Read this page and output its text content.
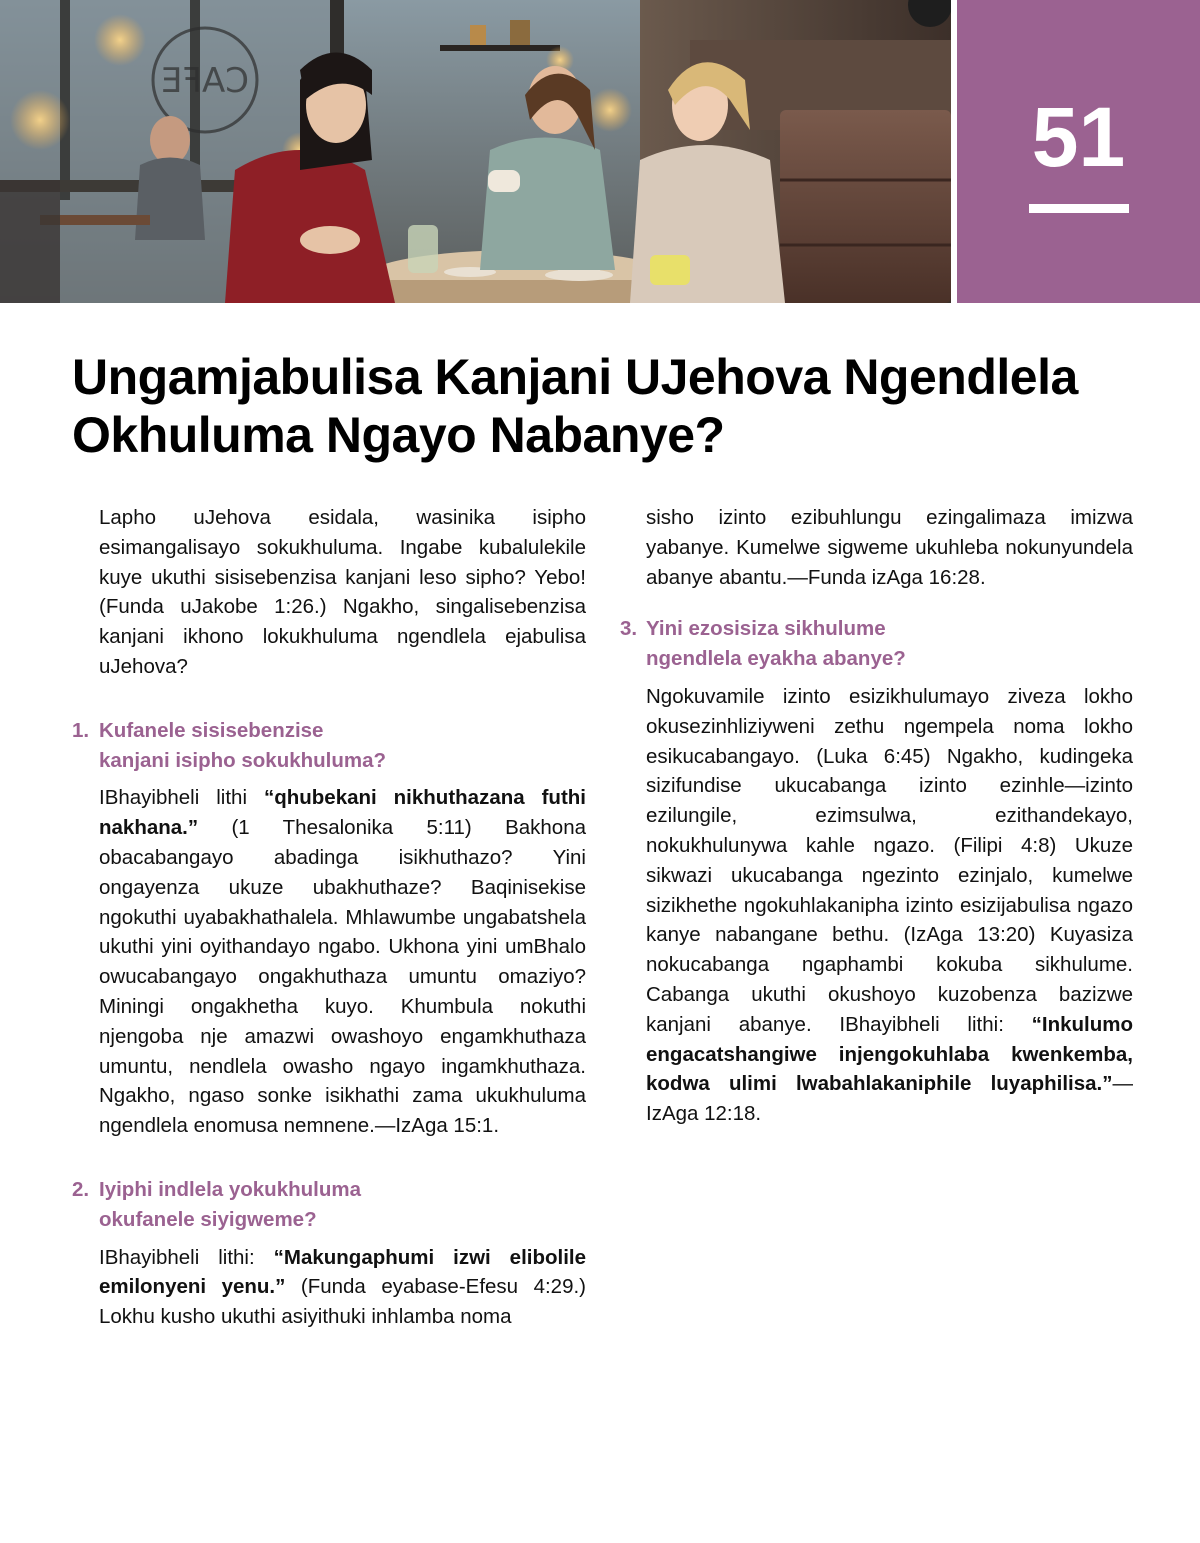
CAFE
51
Ungamjabulisa Kanjani UJehova Ngendlela Okhuluma Ngayo Nabanye?

Lapho uJehova esidala, wasinika isipho esimangalisayo sokukhuluma. Ingabe kubalulekile kuye ukuthi sisisebenzisa kanjani leso sipho? Yebo! (Funda uJakobe 1:26.) Ngakho, singalisebenzisa kanjani ikhono lokukhuluma ngendlela ejabulisa uJehova?

1. Kufanele sisisebenzise kanjani isipho sokukhuluma?

IBhayibheli lithi “qhubekani nikhuthazana futhi nakhana.” (1 Thesalonika 5:11) Bakhona obacabangayo abadinga isikhuthazo? Yini ongayenza ukuze ubakhuthaze? Baqinisekise ngokuthi uyabakhathalela. Mhlawumbe ungabatshela ukuthi yini oyithandayo ngabo. Ukhona yini umBhalo owucabangayo ongakhuthaza umuntu omaziyo? Miningi ongakhetha kuyo. Khumbula nokuthi njengoba nje amazwi owashoyo engamkhuthaza umuntu, nendlela owasho ngayo ingamkhuthaza. Ngakho, ngaso sonke isikhathi zama ukukhuluma ngendlela enomusa nemnene.—IzAga 15:1.

2. Iyiphi indlela yokukhuluma okufanele siyigweme?

IBhayibheli lithi: “Makungaphumi izwi elibolile emilonyeni yenu.” (Funda eyabase-Efesu 4:29.) Lokhu kusho ukuthi asiyithuki inhlamba noma

sisho izinto ezibuhlungu ezingalimaza imizwa yabanye. Kumelwe sigweme ukuhleba nokunyundela abanye abantu.—Funda izAga 16:28.

3. Yini ezosisiza sikhulume ngendlela eyakha abanye?

Ngokuvamile izinto esizikhulumayo ziveza lokho okusezinhliziyweni zethu ngempela noma lokho esikucabangayo. (Luka 6:45) Ngakho, kudingeka sizifundise ukucabanga izinto ezinhle—izinto ezilungile, ezimsulwa, ezithandekayo, nokukhulunywa kahle ngazo. (Filipi 4:8) Ukuze sikwazi ukucabanga ngezinto ezinjalo, kumelwe sizikhethe ngokuhlakanipha izinto esizijabulisa ngazo kanye nabangane bethu. (IzAga 13:20) Kuyasiza nokucabanga ngaphambi kokuba sikhulume. Cabanga ukuthi okushoyo kuzobenza bazizwe kanjani abanye. IBhayibheli lithi: “Inkulumo engacatshangiwe injengokuhlaba kwenkemba, kodwa ulimi lwabahlakaniphile luyaphilisa.”—IzAga 12:18.
